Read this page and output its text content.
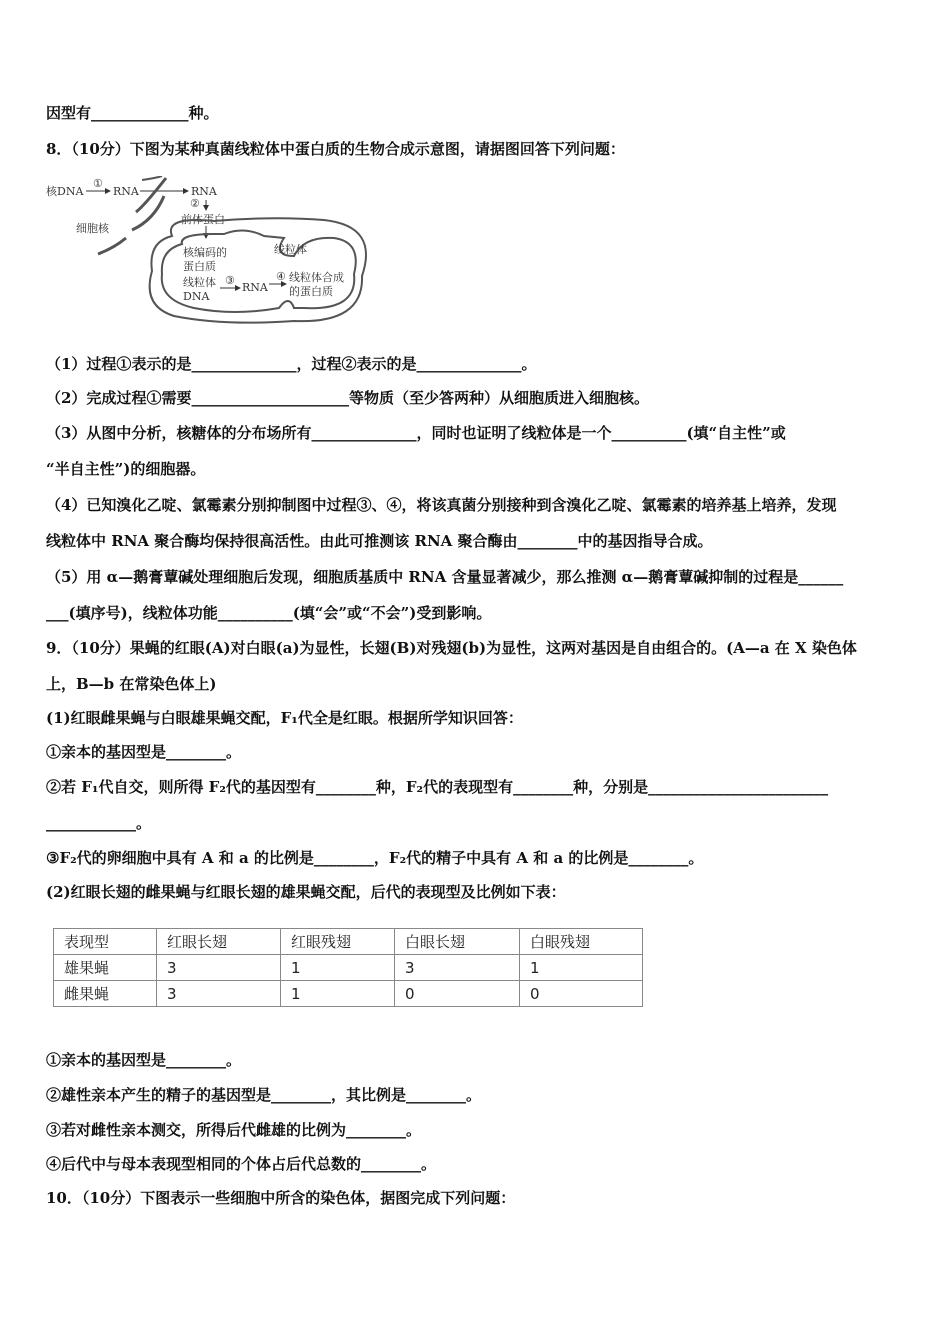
因型有_____________种。
8．（10分）下图为某种真菌线粒体中蛋白质的生物合成示意图，请据图回答下列问题：
核DNA
①
RNA	RNA
②
前体蛋白
细胞核
线粒体
核编码的
蛋白质
线粒体
DNA
③
RNA
④ 线粒体合成
的蛋白质
（1）过程①表示的是______________，过程②表示的是______________。
（2）完成过程①需要_____________________等物质（至少答两种）从细胞质进入细胞核。
（3）从图中分析，核糖体的分布场所有______________，同时也证明了线粒体是一个__________(填“自主性”或
“半自主性”)的细胞器。
（4）已知溴化乙啶、氯霉素分别抑制图中过程③、④，将该真菌分别接种到含溴化乙啶、氯霉素的培养基上培养，发现
线粒体中 RNA 聚合酶均保持很高活性。由此可推测该 RNA 聚合酶由________中的基因指导合成。
（5）用 α—鹅膏蕈碱处理细胞后发现，细胞质基质中 RNA 含量显著减少，那么推测 α—鹅膏蕈碱抑制的过程是______
___(填序号)，线粒体功能__________(填“会”或“不会”)受到影响。
9．（10分）果蝇的红眼(A)对白眼(a)为显性，长翅(B)对残翅(b)为显性，这两对基因是自由组合的。(A—a 在 X 染色体
上，B—b 在常染色体上)
(1)红眼雌果蝇与白眼雄果蝇交配，F₁代全是红眼。根据所学知识回答：
①亲本的基因型是________。
②若 F₁代自交，则所得 F₂代的基因型有________种，F₂代的表现型有________种，分别是________________________
____________。
③F₂代的卵细胞中具有 A 和 a 的比例是________，F₂代的精子中具有 A 和 a 的比例是________。
(2)红眼长翅的雌果蝇与红眼长翅的雄果蝇交配，后代的表现型及比例如下表：
表现型	红眼长翅	红眼残翅	白眼长翅	白眼残翅
雄果蝇	3	1	3	1
雌果蝇	3	1	0	0
①亲本的基因型是________。
②雄性亲本产生的精子的基因型是________，其比例是________。
③若对雌性亲本测交，所得后代雌雄的比例为________。
④后代中与母本表现型相同的个体占后代总数的________。
10．（10分）下图表示一些细胞中所含的染色体，据图完成下列问题：
